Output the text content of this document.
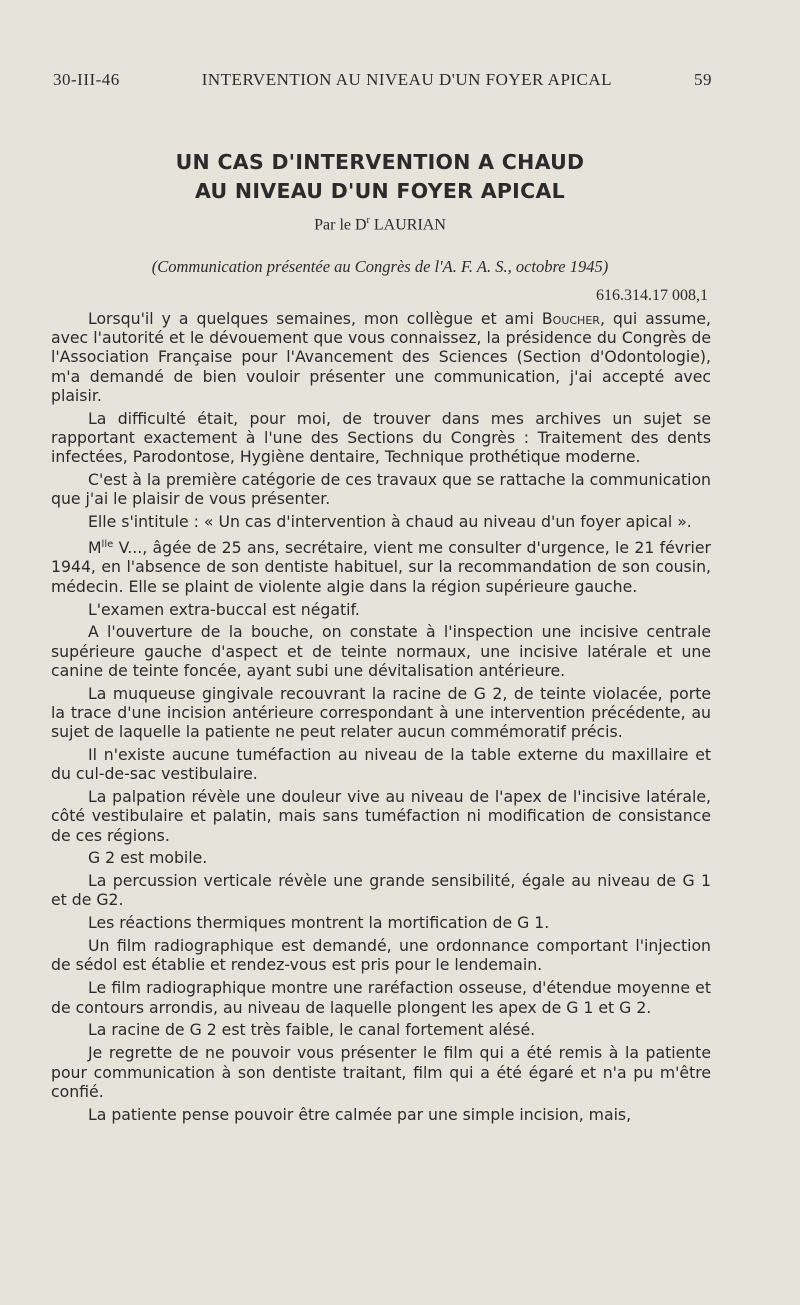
30-III-46	INTERVENTION AU NIVEAU D'UN FOYER APICAL	59
UN CAS D'INTERVENTION A CHAUD
AU NIVEAU D'UN FOYER APICAL
Par le $D^r$ LAURIAN
(Communication présentée au Congrès de l'A. F. A. S., octobre 1945)
616.314.17 008,1

Lorsqu'il y a quelques semaines, mon collègue et ami Boucher, qui assume, avec l'autorité et le dévouement que vous connaissez, la présidence du Congrès de l'Association Française pour l'Avancement des Sciences (Section d'Odontologie), m'a demandé de bien vouloir présenter une communication, j'ai accepté avec plaisir.

La difficulté était, pour moi, de trouver dans mes archives un sujet se rapportant exactement à l'une des Sections du Congrès : Traitement des dents infectées, Parodontose, Hygiène dentaire, Technique prothétique moderne.

C'est à la première catégorie de ces travaux que se rattache la communication que j'ai le plaisir de vous présenter.

Elle s'intitule : « Un cas d'intervention à chaud au niveau d'un foyer apical ».

$M^{lle}$ V..., âgée de 25 ans, secrétaire, vient me consulter d'urgence, le 21 février 1944, en l'absence de son dentiste habituel, sur la recommandation de son cousin, médecin. Elle se plaint de violente algie dans la région supérieure gauche.

L'examen extra-buccal est négatif.

A l'ouverture de la bouche, on constate à l'inspection une incisive centrale supérieure gauche d'aspect et de teinte normaux, une incisive latérale et une canine de teinte foncée, ayant subi une dévitalisation antérieure.

La muqueuse gingivale recouvrant la racine de G 2, de teinte violacée, porte la trace d'une incision antérieure correspondant à une intervention précédente, au sujet de laquelle la patiente ne peut relater aucun commémoratif précis.

Il n'existe aucune tuméfaction au niveau de la table externe du maxillaire et du cul-de-sac vestibulaire.

La palpation révèle une douleur vive au niveau de l'apex de l'incisive latérale, côté vestibulaire et palatin, mais sans tuméfaction ni modification de consistance de ces régions.

G 2 est mobile.

La percussion verticale révèle une grande sensibilité, égale au niveau de G 1 et de G2.

Les réactions thermiques montrent la mortification de G 1.

Un film radiographique est demandé, une ordonnance comportant l'injection de sédol est établie et rendez-vous est pris pour le lendemain.

Le film radiographique montre une raréfaction osseuse, d'étendue moyenne et de contours arrondis, au niveau de laquelle plongent les apex de G 1 et G 2.

La racine de G 2 est très faible, le canal fortement alésé.

Je regrette de ne pouvoir vous présenter le film qui a été remis à la patiente pour communication à son dentiste traitant, film qui a été égaré et n'a pu m'être confié.

La patiente pense pouvoir être calmée par une simple incision, mais,
